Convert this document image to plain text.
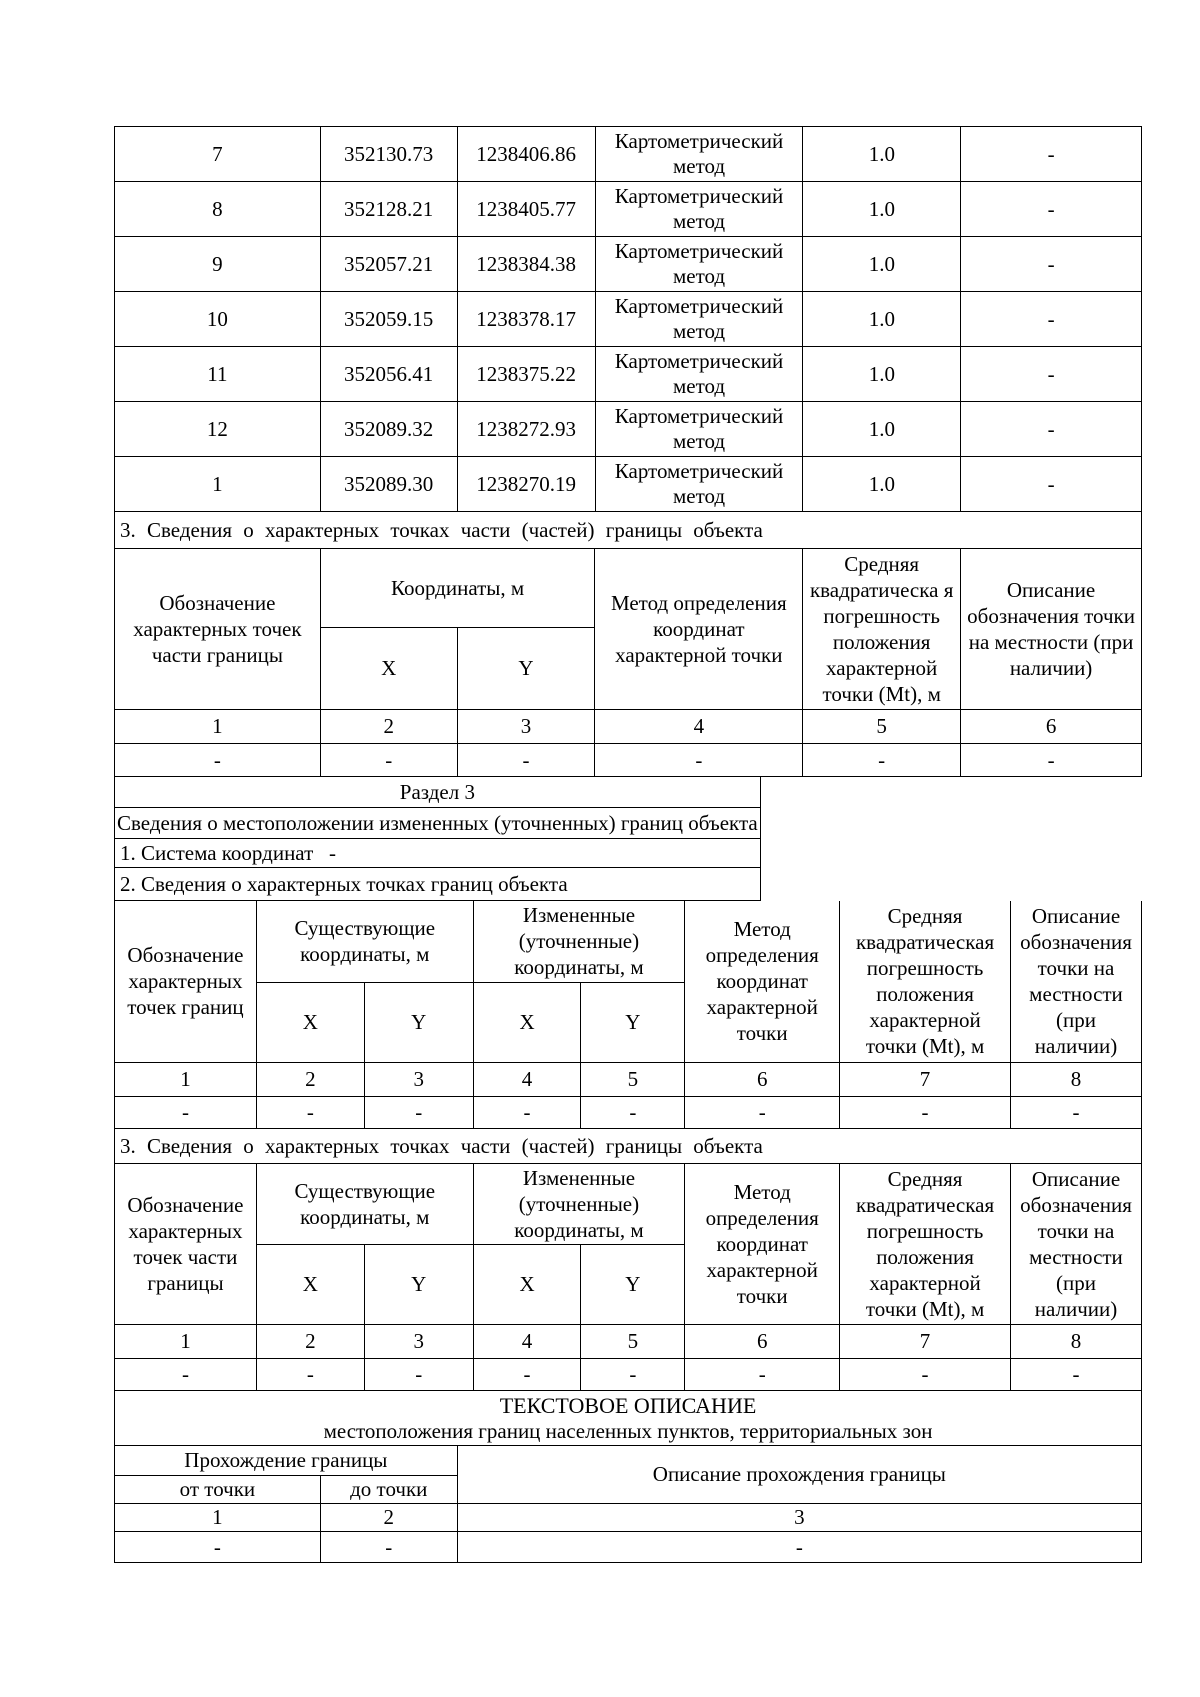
7	352130.73	1238406.86	Картометрический метод	1.0	-
8	352128.21	1238405.77	Картометрический метод	1.0	-
9	352057.21	1238384.38	Картометрический метод	1.0	-
10	352059.15	1238378.17	Картометрический метод	1.0	-
11	352056.41	1238375.22	Картометрический метод	1.0	-
12	352089.32	1238272.93	Картометрический метод	1.0	-
1	352089.30	1238270.19	Картометрический метод	1.0	-
3. Сведения о характерных точках части (частей) границы объекта					
Обозначение характерных точек части границы	Координаты, м		Метод определения координат характерной точки	Средняя квадратическа я погрешность положения характерной точки (Mt), м	Описание обозначения точки на местности (при наличии)
	X	Y			
1	2	3	4	5	6
-	-	-	-	-	-
Раздел 3
Сведения о местоположении измененных (уточненных) границ объекта
1. Система координат   -
2. Сведения о характерных точках границ объекта
Обозначение характерных точек границ	Существующие координаты, м		Измененные (уточненные) координаты, м		Метод определения координат характерной точки	Средняя квадратическая погрешность положения характерной точки (Mt), м	Описание обозначения точки на местности (при наличии)
	X	Y	X	Y			
1	2	3	4	5	6	7	8
-	-	-	-	-	-	-	-
3. Сведения о характерных точках части (частей) границы объекта							
Обозначение характерных точек части границы	Существующие координаты, м		Измененные (уточненные) координаты, м		Метод определения координат характерной точки	Средняя квадратическая погрешность положения характерной точки (Mt), м	Описание обозначения точки на местности (при наличии)
	X	Y	X	Y			
1	2	3	4	5	6	7	8
-	-	-	-	-	-	-	-
ТЕКСТОВОЕ ОПИСАНИЕ
местоположения границ населенных пунктов, территориальных зон		

Прохождение границы		Описание прохождения границы
от точки	до точки	
1	2	3
-	-	-
